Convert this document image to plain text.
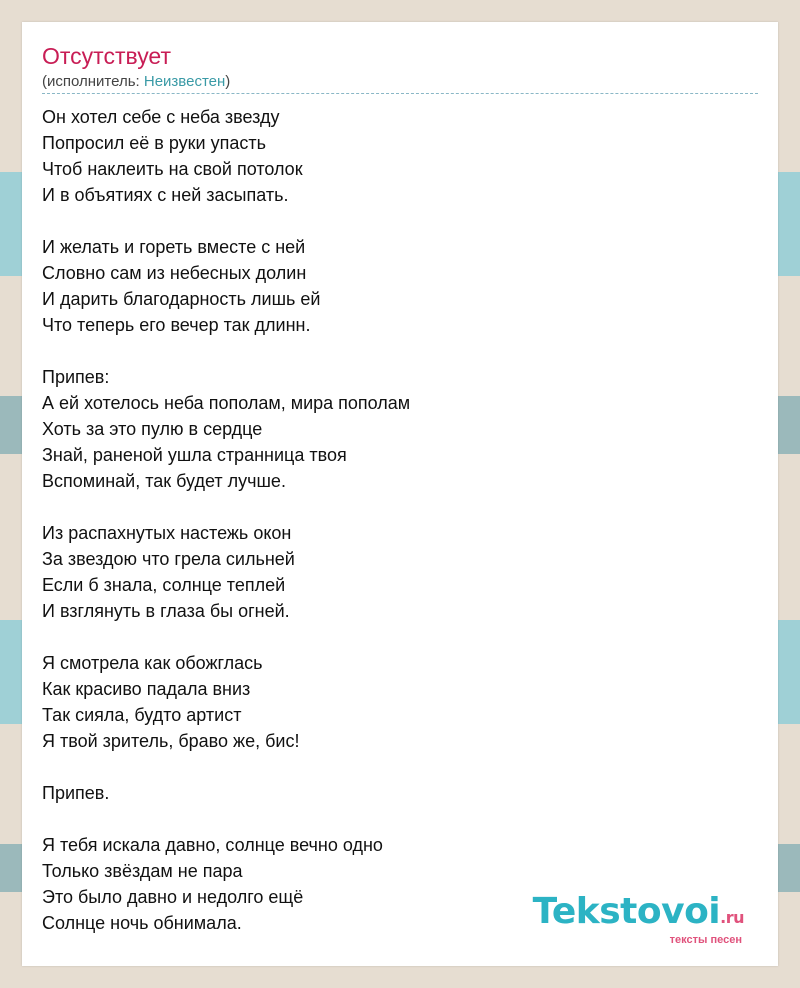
Отсутствует
(исполнитель: Неизвестен)
Он хотел себе с неба звезду
Попросил её в руки упасть
Чтоб наклеить на свой потолок
И в объятиях с ней засыпать.
И желать и гореть вместе с ней
Словно сам из небесных долин
И дарить благодарность лишь ей
Что теперь его вечер так длинн.
Припев:
А ей хотелось неба пополам, мира пополам
Хоть за это пулю в сердце
Знай, раненой ушла странница твоя
Вспоминай, так будет лучше.
Из распахнутых настежь окон
За звездою что грела сильней
Если б знала, солнце теплей
И взглянуть в глаза бы огней.
Я смотрела как обожглась
Как красиво падала вниз
Так сияла, будто артист
Я твой зритель, браво же, бис!
Припев.
Я тебя искала давно, солнце вечно одно
Только звёздам не пара
Это было давно и недолго ещё
Солнце ночь обнимала.	Tekstovoi.ru
тексты песен
